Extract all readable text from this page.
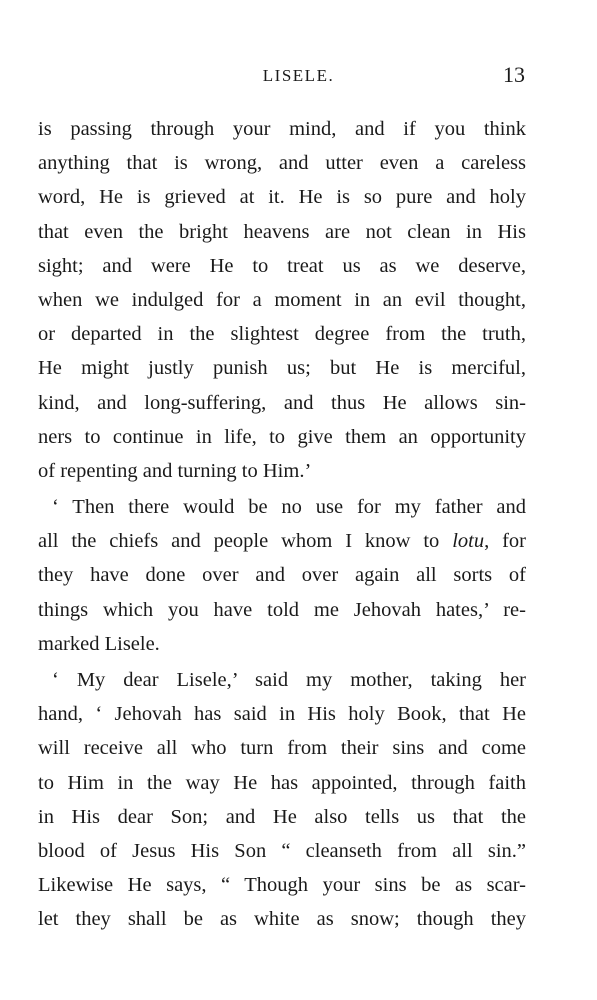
LISELE.	13
is passing through your mind, and if you think
anything that is wrong, and utter even a careless
word, He is grieved at it. He is so pure and holy
that even the bright heavens are not clean in His
sight; and were He to treat us as we deserve,
when we indulged for a moment in an evil thought,
or departed in the slightest degree from the truth,
He might justly punish us; but He is merciful,
kind, and long-suffering, and thus He allows sin-
ners to continue in life, to give them an opportunity
of repenting and turning to Him.’
‘ Then there would be no use for my father and
all the chiefs and people whom I know to lotu, for
they have done over and over again all sorts of
things which you have told me Jehovah hates,’ re-
marked Lisele.
‘ My dear Lisele,’ said my mother, taking her
hand, ‘ Jehovah has said in His holy Book, that He
will receive all who turn from their sins and come
to Him in the way He has appointed, through faith
in His dear Son; and He also tells us that the
blood of Jesus His Son “ cleanseth from all sin.”
Likewise He says, “ Though your sins be as scar-
let they shall be as white as snow; though they
